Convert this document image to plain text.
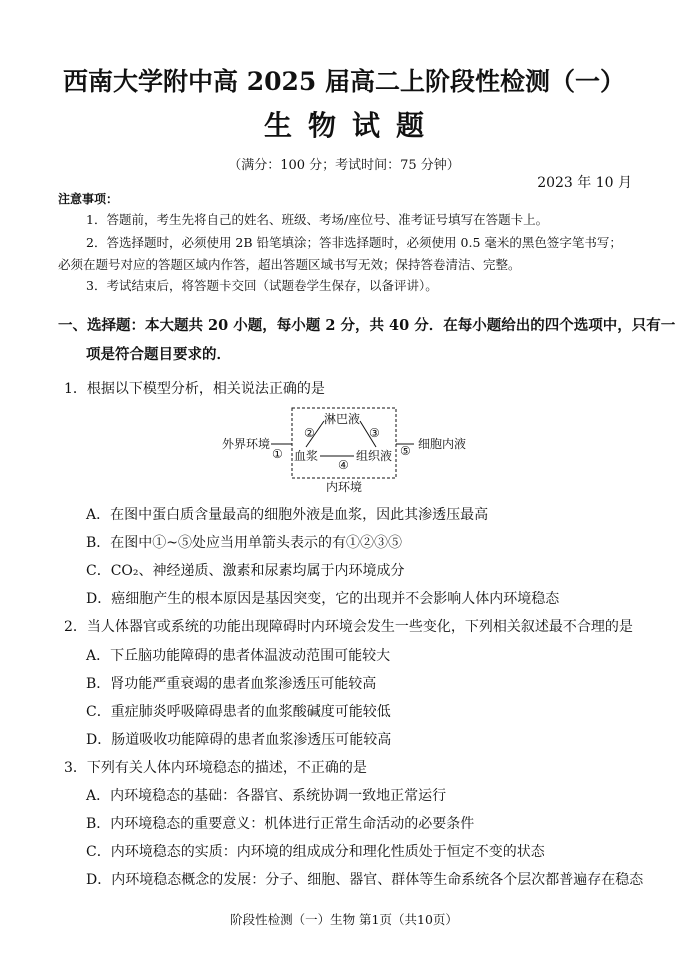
西南大学附中高 2025 届高二上阶段性检测（一）
生物试题
（满分：100 分；考试时间：75 分钟）
2023 年 10 月
注意事项：
1．答题前，考生先将自己的姓名、班级、考场/座位号、准考证号填写在答题卡上。
2．答选择题时，必须使用 2B 铅笔填涂；答非选择题时，必须使用 0.5 毫米的黑色签字笔书写；
必须在题号对应的答题区域内作答，超出答题区域书写无效；保持答卷清洁、完整。
3．考试结束后，将答题卡交回（试题卷学生保存，以备评讲）。
一、选择题：本大题共 20 小题，每小题 2 分，共 40 分．在每小题给出的四个选项中，只有一
项是符合题目要求的．
1．根据以下模型分析，相关说法正确的是
淋巴液
外界环境
① 血浆
②	③
④
组织液 ⑤ 细胞内液
内环境
A．在图中蛋白质含量最高的细胞外液是血浆，因此其渗透压最高
B．在图中①~⑤处应当用单箭头表示的有①②③⑤
C．CO₂、神经递质、激素和尿素均属于内环境成分
D．癌细胞产生的根本原因是基因突变，它的出现并不会影响人体内环境稳态
2．当人体器官或系统的功能出现障碍时内环境会发生一些变化，下列相关叙述最不合理的是
A．下丘脑功能障碍的患者体温波动范围可能较大
B．肾功能严重衰竭的患者血浆渗透压可能较高
C．重症肺炎呼吸障碍患者的血浆酸碱度可能较低
D．肠道吸收功能障碍的患者血浆渗透压可能较高
3．下列有关人体内环境稳态的描述，不正确的是
A．内环境稳态的基础：各器官、系统协调一致地正常运行
B．内环境稳态的重要意义：机体进行正常生命活动的必要条件
C．内环境稳态的实质：内环境的组成成分和理化性质处于恒定不变的状态
D．内环境稳态概念的发展：分子、细胞、器官、群体等生命系统各个层次都普遍存在稳态
阶段性检测（一）生物 第1页（共10页）
